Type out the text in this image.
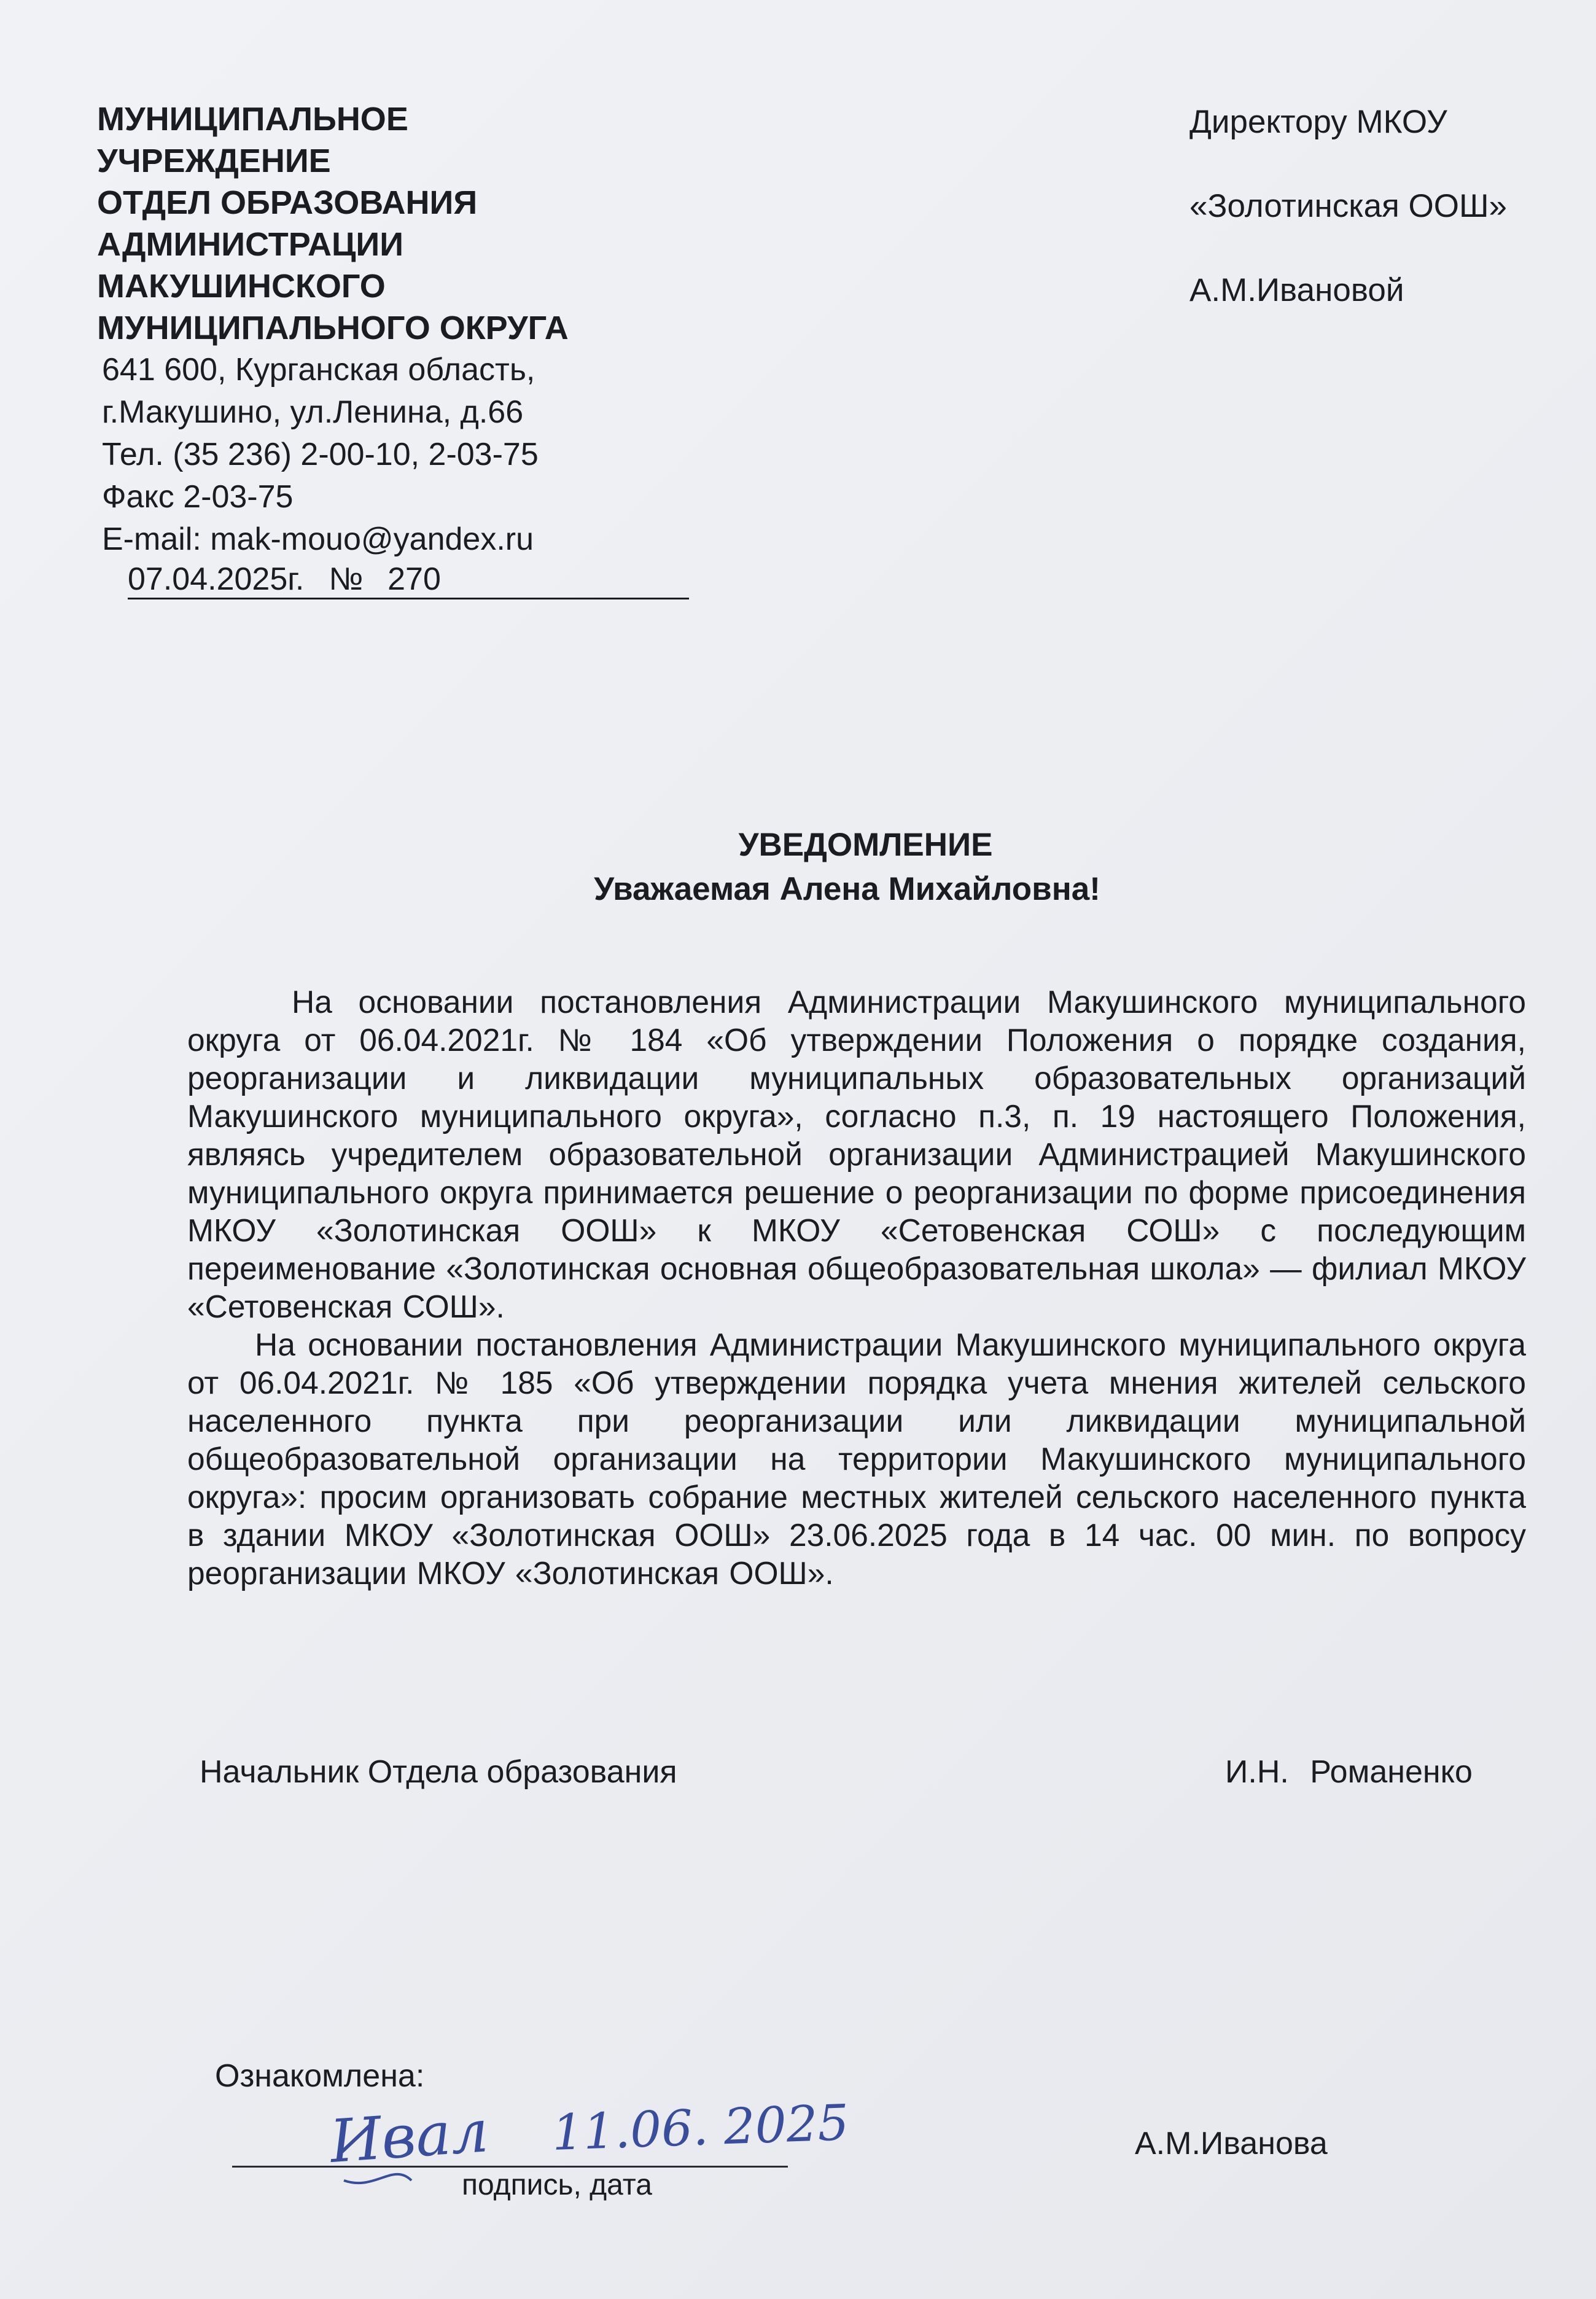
МУНИЦИПАЛЬНОЕ
УЧРЕЖДЕНИЕ
ОТДЕЛ ОБРАЗОВАНИЯ
АДМИНИСТРАЦИИ
МАКУШИНСКОГО
МУНИЦИПАЛЬНОГО ОКРУГА
641 600, Курганская область,
г.Макушино, ул.Ленина, д.66
Тел. (35 236) 2-00-10, 2-03-75
Факс 2-03-75
E-mail: mak-mouo@yandex.ru
07.04.2025г. № 270
Директору МКОУ
«Золотинская ООШ»
А.М.Ивановой
УВЕДОМЛЕНИЕ
Уважаемая Алена Михайловна!

На основании постановления Администрации Макушинского муниципального округа от 06.04.2021г. № 184 «Об утверждении Положения о порядке создания, реорганизации и ликвидации муниципальных образовательных организаций Макушинского муниципального округа», согласно п.3, п. 19 настоящего Положения, являясь учредителем образовательной организации Администрацией Макушинского муниципального округа принимается решение о реорганизации по форме присоединения МКОУ «Золотинская ООШ» к МКОУ «Сетовенская СОШ» с последующим переименование «Золотинская основная общеобразовательная школа» — филиал МКОУ «Сетовенская СОШ».

На основании постановления Администрации Макушинского муниципального округа от 06.04.2021г. № 185 «Об утверждении порядка учета мнения жителей сельского населенного пункта при реорганизации или ликвидации муниципальной общеобразовательной организации на территории Макушинского муниципального округа»: просим организовать собрание местных жителей сельского населенного пункта в здании МКОУ «Золотинская ООШ» 23.06.2025 года в 14 час. 00 мин. по вопросу реорганизации МКОУ «Золотинская ООШ».

Начальник Отдела образования	И.Н. Романенко
Ознакомлена:
Ивал 11.06. 2025
подпись, дата
А.М.Иванова
